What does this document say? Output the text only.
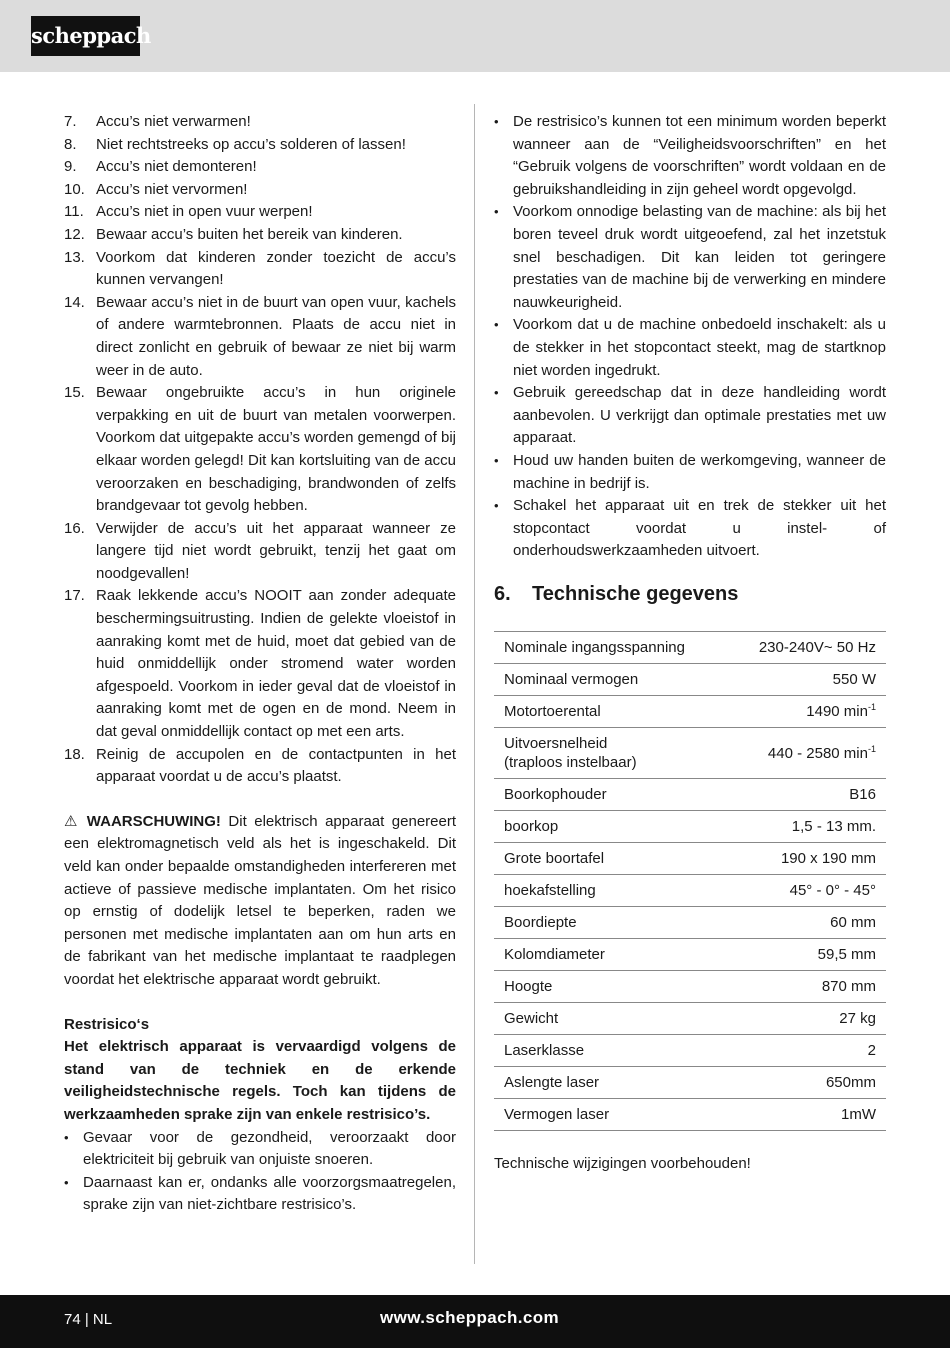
scheppach
7.	Accu’s niet verwarmen!
8.	Niet rechtstreeks op accu’s solderen of lassen!
9.	Accu’s niet demonteren!
10. Accu’s niet vervormen!
11. Accu’s niet in open vuur werpen!
12. Bewaar accu’s buiten het bereik van kinderen.
13. Voorkom dat kinderen zonder toezicht de accu’s kunnen vervangen!
14. Bewaar accu’s niet in de buurt van open vuur, kachels of andere warmtebronnen. Plaats de accu niet in direct zonlicht en gebruik of bewaar ze niet bij warm weer in de auto.
15. Bewaar ongebruikte accu’s in hun originele verpakking en uit de buurt van metalen voorwerpen. Voorkom dat uitgepakte accu’s worden gemengd of bij elkaar worden gelegd! Dit kan kortsluiting van de accu veroorzaken en beschadiging, brandwonden of zelfs brandgevaar tot gevolg hebben.
16. Verwijder de accu’s uit het apparaat wanneer ze langere tijd niet wordt gebruikt, tenzij het gaat om noodgevallen!
17. Raak lekkende accu’s NOOIT aan zonder adequate beschermingsuitrusting. Indien de gelekte vloeistof in aanraking komt met de huid, moet dat gebied van de huid onmiddellijk onder stromend water worden afgespoeld. Voorkom in ieder geval dat de vloeistof in aanraking komt met de ogen en de mond. Neem in dat geval onmiddellijk contact op met een arts.
18. Reinig de accupolen en de contactpunten in het apparaat voordat u de accu’s plaatst.
⚠ WAARSCHUWING! Dit elektrisch apparaat genereert een elektromagnetisch veld als het is ingeschakeld. Dit veld kan onder bepaalde omstandigheden interfereren met actieve of passieve medische implantaten. Om het risico op ernstig of dodelijk letsel te beperken, raden we personen met medische implantaten aan om hun arts en de fabrikant van het medische implantaat te raadplegen voordat het elektrische apparaat wordt gebruikt.
Restrisico‘s
Het elektrisch apparaat is vervaardigd volgens de stand van de techniek en de erkende veiligheidstechnische regels. Toch kan tijdens de werkzaamheden sprake zijn van enkele restrisico’s.
• Gevaar voor de gezondheid, veroorzaakt door elektriciteit bij gebruik van onjuiste snoeren.
• Daarnaast kan er, ondanks alle voorzorgsmaatregelen, sprake zijn van niet-zichtbare restrisico’s.
• De restrisico’s kunnen tot een minimum worden beperkt wanneer aan de “Veiligheidsvoorschriften” en het “Gebruik volgens de voorschriften” wordt voldaan en de gebruikshandleiding in zijn geheel wordt opgevolgd.
• Voorkom onnodige belasting van de machine: als bij het boren teveel druk wordt uitgeoefend, zal het inzetstuk snel beschadigen. Dit kan leiden tot geringere prestaties van de machine bij de verwerking en mindere nauwkeurigheid.
• Voorkom dat u de machine onbedoeld inschakelt: als u de stekker in het stopcontact steekt, mag de startknop niet worden ingedrukt.
• Gebruik gereedschap dat in deze handleiding wordt aanbevolen. U verkrijgt dan optimale prestaties met uw apparaat.
• Houd uw handen buiten de werkomgeving, wanneer de machine in bedrijf is.
• Schakel het apparaat uit en trek de stekker uit het stopcontact voordat u instel- of onderhoudswerkzaamheden uitvoert.
6.	Technische gegevens
Nominale ingangsspanning	230-240V~ 50 Hz
Nominaal vermogen	550 W
Motortoerental	1490 $\min^{-1}$
Uitvoersnelheid
(traploos instelbaar)	440 - 2580 $\min^{-1}$
Boorkophouder	B16
boorkop	1,5 - 13 mm.
Grote boortafel	190 x 190 mm
hoekafstelling	45° - 0° - 45°
Boordiepte	60 mm
Kolomdiameter	59,5 mm
Hoogte	870 mm
Gewicht	27 kg
Laserklasse	2
Aslengte laser	650mm
Vermogen laser	1mW
Technische wijzigingen voorbehouden!
74 | NL	www.scheppach.com
